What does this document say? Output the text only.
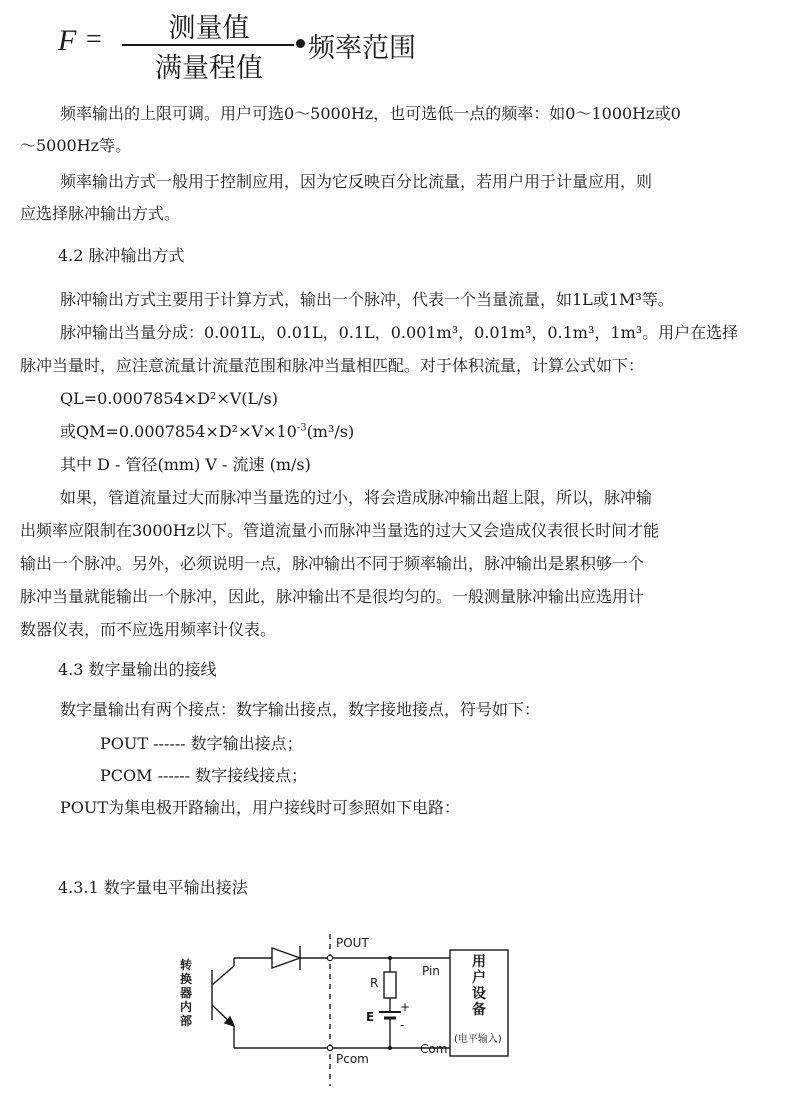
F =	测量值
满量程值
频率范围
频率输出的上限可调。用户可选0～5000Hz，也可选低一点的频率：如0～1000Hz或0
～5000Hz等。
频率输出方式一般用于控制应用，因为它反映百分比流量，若用户用于计量应用，则
应选择脉冲输出方式。
4.2 脉冲输出方式
脉冲输出方式主要用于计算方式，输出一个脉冲，代表一个当量流量，如1L或1M³等。
脉冲输出当量分成：0.001L，0.01L，0.1L，0.001m³，0.01m³，0.1m³，1m³。用户在选择
脉冲当量时，应注意流量计流量范围和脉冲当量相匹配。对于体积流量，计算公式如下：
QL=0.0007854×D²×V(L/s)
或$QM=0.0007854\times D^2\times V\times 10^{-3}(m^3/s)$
其中 D - 管径(mm) V - 流速 (m/s)
如果，管道流量过大而脉冲当量选的过小，将会造成脉冲输出超上限，所以，脉冲输
出频率应限制在3000Hz以下。管道流量小而脉冲当量选的过大又会造成仪表很长时间才能
输出一个脉冲。另外，必须说明一点，脉冲输出不同于频率输出，脉冲输出是累积够一个
脉冲当量就能输出一个脉冲，因此，脉冲输出不是很均匀的。一般测量脉冲输出应选用计
数器仪表，而不应选用频率计仪表。
4.3 数字量输出的接线
数字量输出有两个接点：数字输出接点，数字接地接点，符号如下：
POUT ------ 数字输出接点；
PCOM ------ 数字接线接点；
POUT为集电极开路输出，用户接线时可参照如下电路：
4.3.1 数字量电平输出接法
转
换
器
内
部
POUT
Pcom
Pin
Com
R
E
+
-
用
户
设
备
(电平输入)
